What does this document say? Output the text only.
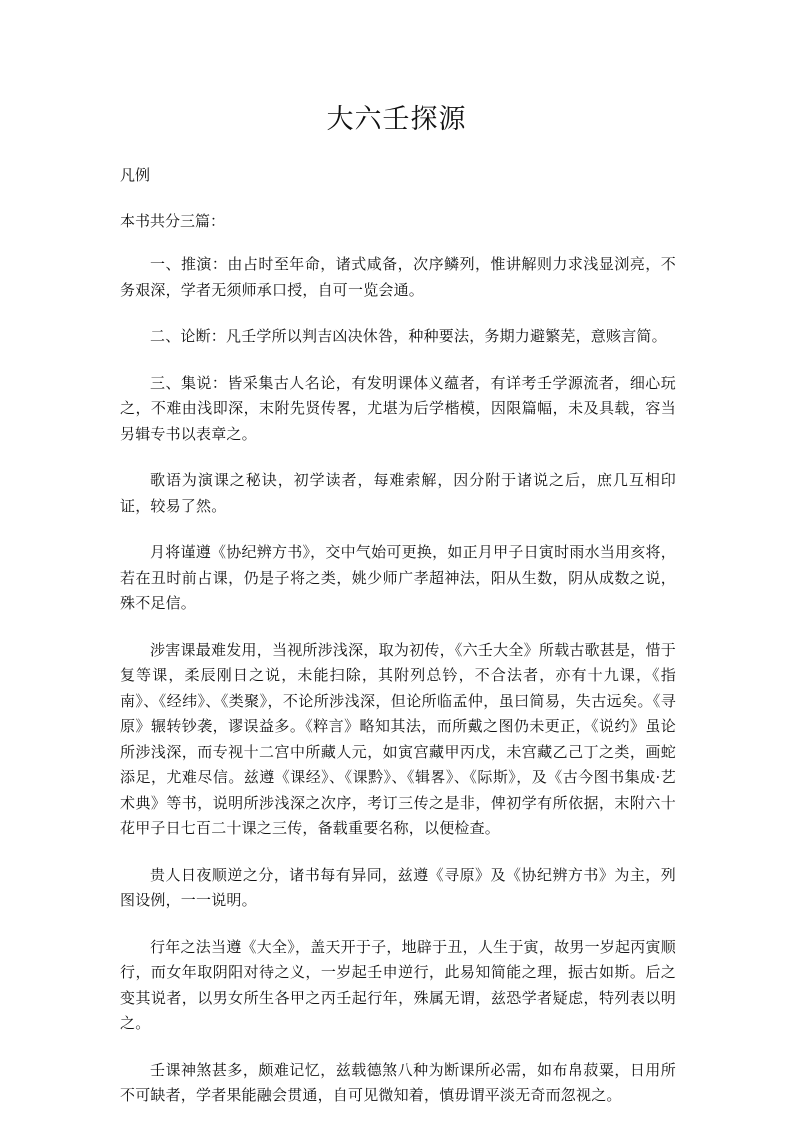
大六壬探源
凡例
本书共分三篇：

一、推演：由占时至年命，诸式咸备，次序鳞列，惟讲解则力求浅显浏亮，不务艰深，学者无须师承口授，自可一览会通。

二、论断：凡壬学所以判吉凶决休咎，种种要法，务期力避繁芜，意赅言简。

三、集说：皆采集古人名论，有发明课体义蕴者，有详考壬学源流者，细心玩之，不难由浅即深，末附先贤传畧，尤堪为后学楷模，因限篇幅，未及具载，容当另辑专书以表章之。

歌语为演课之秘诀，初学读者，每难索解，因分附于诸说之后，庶几互相印证，较易了然。

月将谨遵《协纪辨方书》，交中气始可更换，如正月甲子日寅时雨水当用亥将，若在丑时前占课，仍是子将之类，姚少师广孝超神法，阳从生数，阴从成数之说，殊不足信。

涉害课最难发用，当视所涉浅深，取为初传，《六壬大全》所载古歌甚是，惜于复等课，柔辰刚日之说，未能扫除，其附列总钤，不合法者，亦有十九课，《指南》、《经纬》、《类聚》，不论所涉浅深，但论所临孟仲，虽曰简易，失古远矣。《寻原》辗转钞袭，谬误益多。《粹言》略知其法，而所戴之图仍未更正，《说约》虽论所涉浅深，而专视十二宫中所藏人元，如寅宫藏甲丙戊，未宫藏乙己丁之类，画蛇添足，尤难尽信。兹遵《课经》、《课黔》、《辑畧》、《际斯》，及《古今图书集成·艺术典》等书，说明所涉浅深之次序，考订三传之是非，俾初学有所依据，末附六十花甲子日七百二十课之三传，备载重要名称，以便检查。

贵人日夜顺逆之分，诸书每有异同，兹遵《寻原》及《协纪辨方书》为主，列图设例，一一说明。

行年之法当遵《大全》，盖天开于子，地辟于丑，人生于寅，故男一岁起丙寅顺行，而女年取阴阳对待之义，一岁起壬申逆行，此易知简能之理，振古如斯。后之变其说者，以男女所生各甲之丙壬起行年，殊属无谓，兹恐学者疑虑，特列表以明之。

壬课神煞甚多，颇难记忆，兹载德煞八种为断课所必需，如布帛菽粟，日用所不可缺者，学者果能融会贯通，自可见微知着，慎毋谓平淡无奇而忽视之。
